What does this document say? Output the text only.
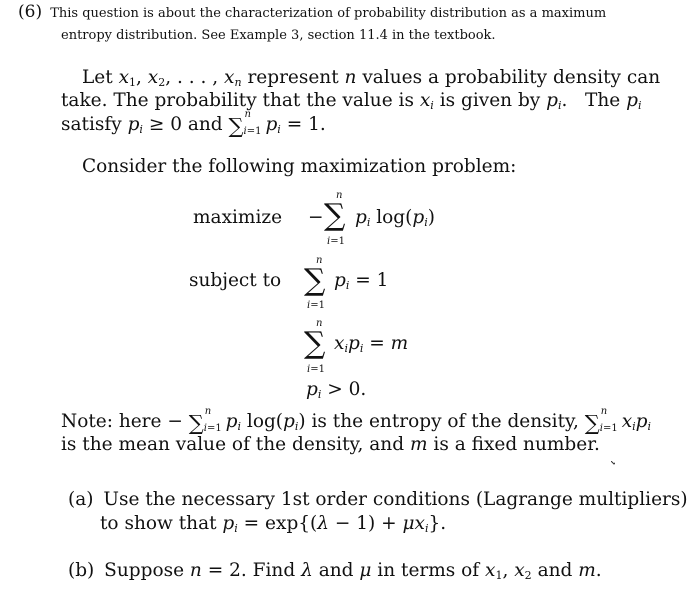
(6) This question is about the characterization of probability distribution as a maximum
entropy distribution. See Example 3, section 11.4 in the textbook.
Let $x_1$, $x_2$, . . . , $x_n$ represent n values a probability density can
take. The probability that the value is $x_i$ is given by $p_i$.   The $p_i$
satisfy $p_i \ge 0$ and ∑ n
i=1 $p_i = 1$.
Consider the following maximization problem:
maximize −
n
∑
i=1
$p_i$ $\log(p_i)$
subject to
n
∑
i=1
$p_i = 1$
n
∑
i=1
$x_ip_i = m$
$p_i > 0$.
Note: here − ∑ n
i=1 $p_i$ $\log(p_i)$ is the entropy of the density, ∑ n
i=1 $x_ip_i$
is the mean value of the density, and m is a fixed number.
(a) Use the necessary 1st order conditions (Lagrange multipliers)
to show that $p_i = \exp\{(\lambda - 1) + \mu x_i\}$.
(b) Suppose n = 2. Find λ and μ in terms of $x_1$, $x_2$ and m.
